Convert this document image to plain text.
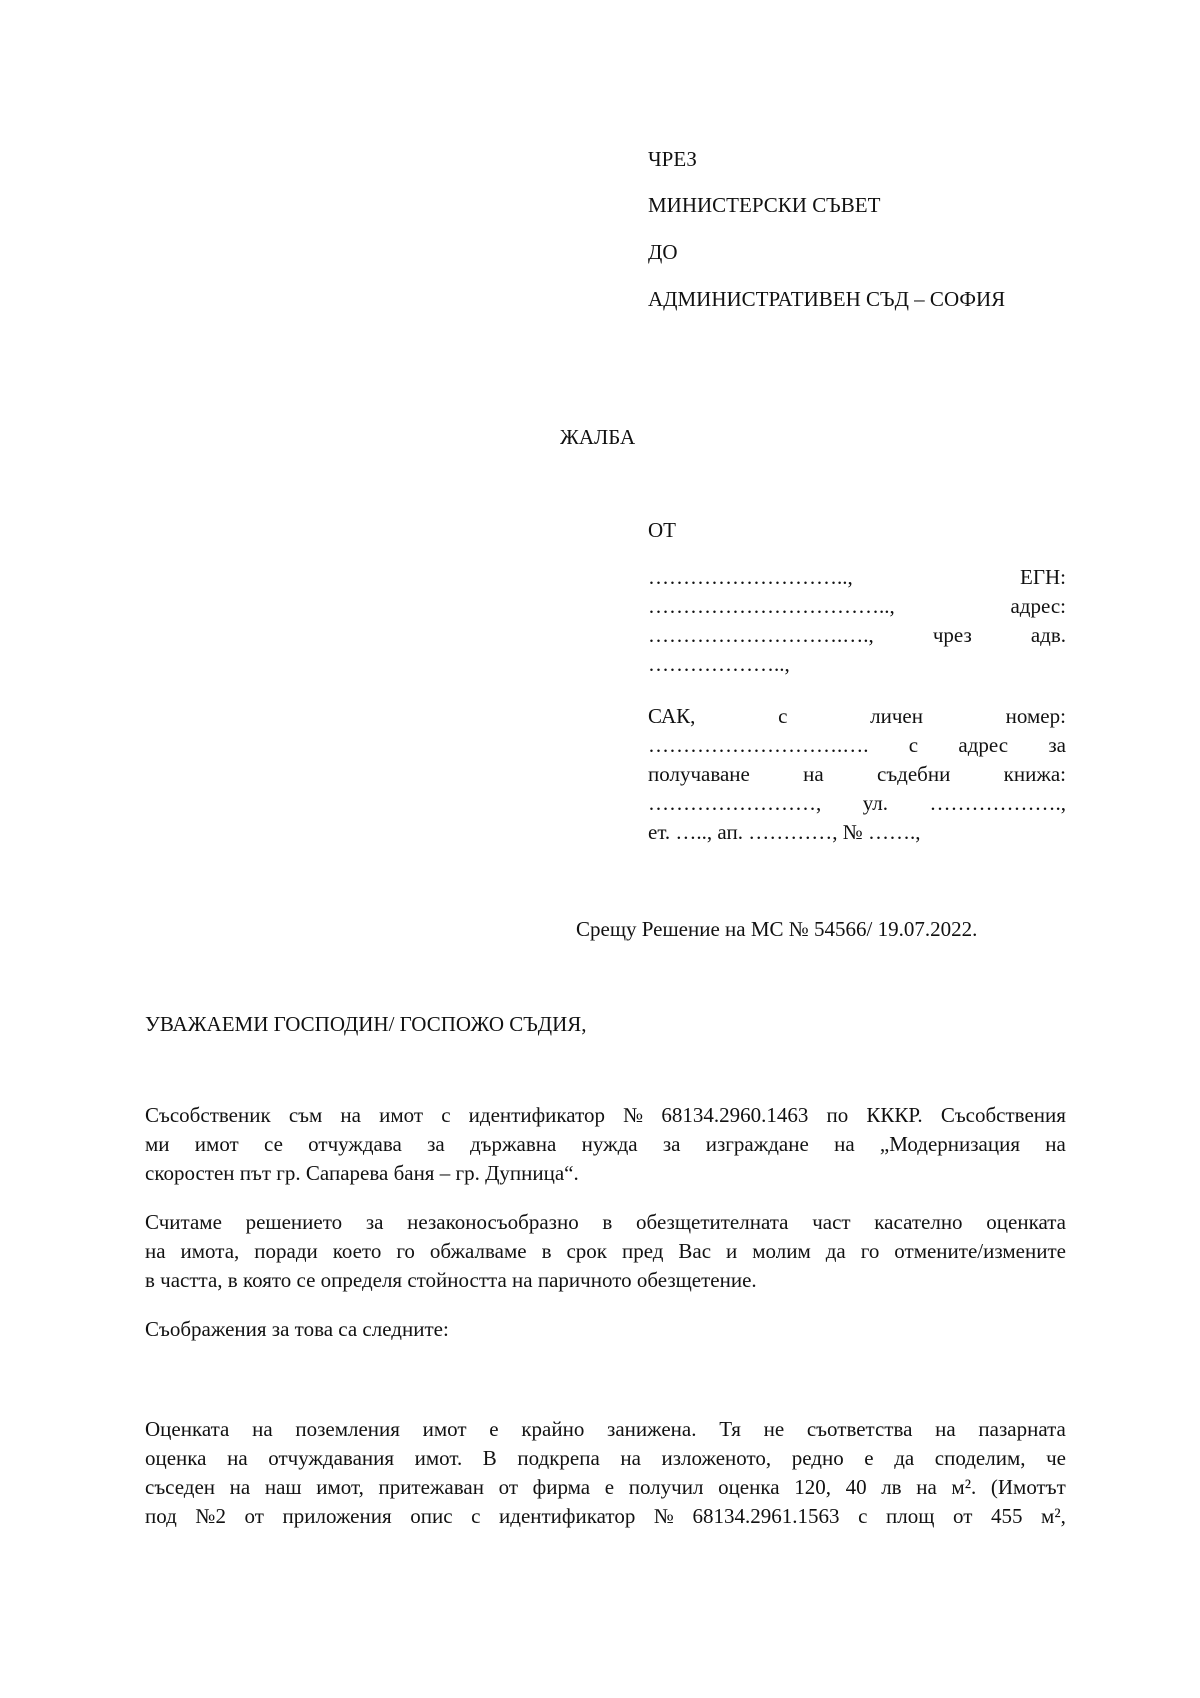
ЧРЕЗ
МИНИСТЕРСКИ СЪВЕТ
ДО
АДМИНИСТРАТИВЕН СЪД – СОФИЯ
ЖАЛБА
ОТ
………………………..,	ЕГН:
……………………………..,	адрес:
……………………….….,	чрез	адв.
………………..,
САК,	с	личен	номер:
……………………….…. с адрес за
получаване	на	съдебни	книжа:
……………………, ул. ……………….,
ет. ….., ап. …………, № …….,
Срещу Решение на МС № 54566/ 19.07.2022.
УВАЖАЕМИ ГОСПОДИН/ ГОСПОЖО СЪДИЯ,
Съсобственик съм на имот с идентификатор № 68134.2960.1463 по КККР. Съсобствения
ми имот се отчуждава за държавна нужда за изграждане на „Модернизация на
скоростен път гр. Сапарева баня – гр. Дупница“.
Считаме решението за незаконосъобразно в обезщетителната част касателно оценката
на имота, поради което го обжалваме в срок пред Вас и молим да го отмените/измените
в частта, в която се определя стойността на паричното обезщетение.
Съображения за това са следните:
Оценката на поземления имот е крайно занижена. Тя не съответства на пазарната
оценка на отчуждавания имот. В подкрепа на изложеното, редно е да споделим, че
съседен на наш имот, притежаван от фирма е получил оценка 120, 40 лв на м². (Имотът
под №2 от приложения опис с идентификатор № 68134.2961.1563 с площ от 455 м²,
